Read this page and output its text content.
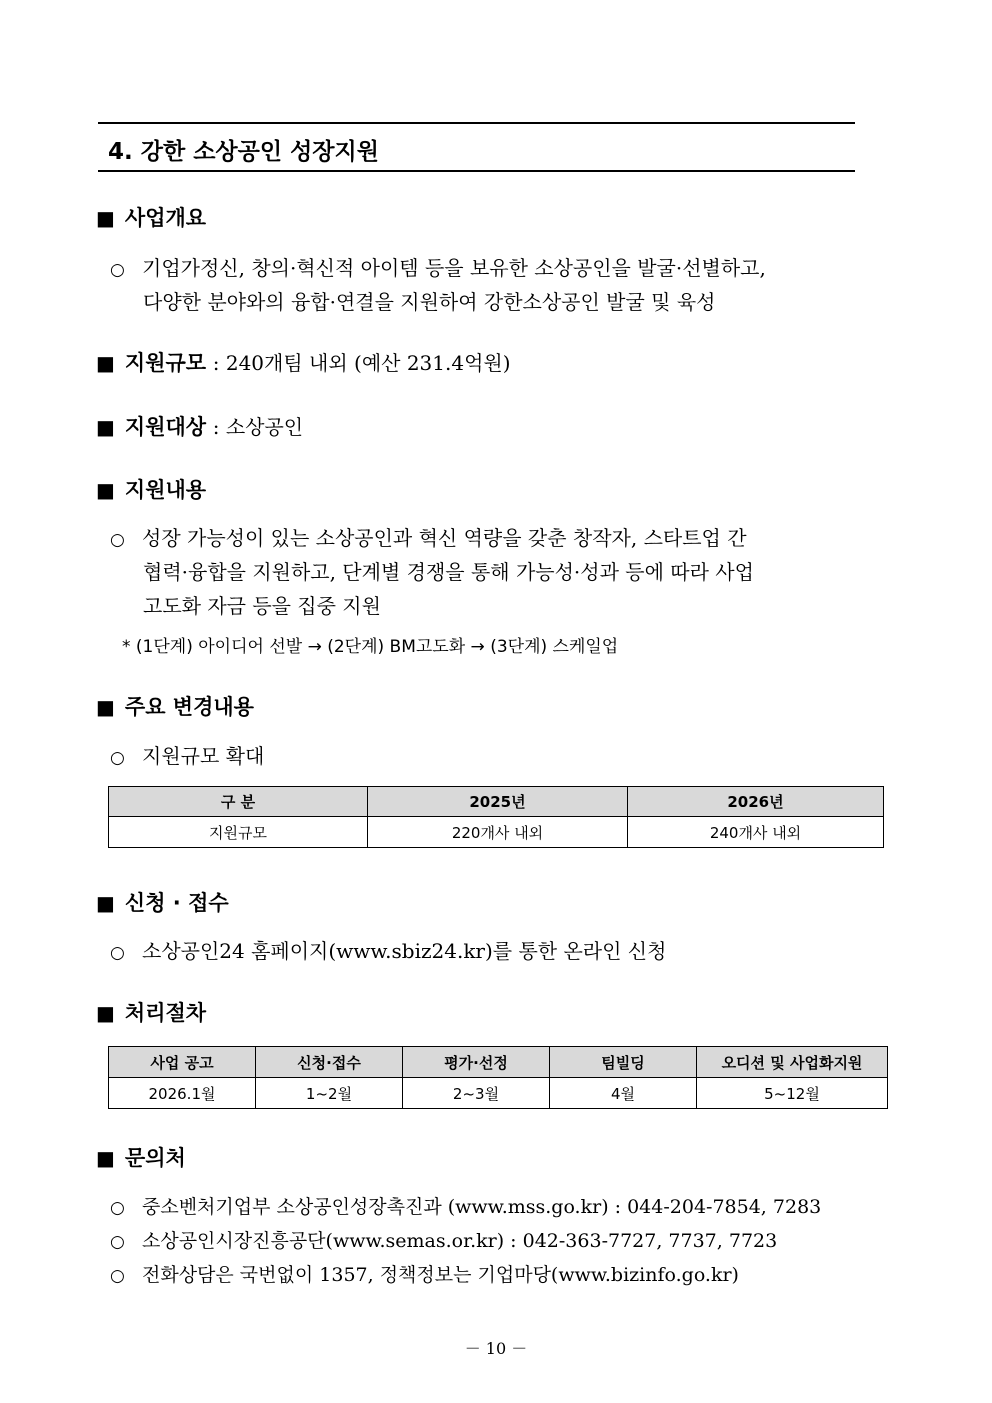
4. 강한 소상공인 성장지원
■ 사업개요
○ 기업가정신, 창의·혁신적 아이템 등을 보유한 소상공인을 발굴·선별하고,
다양한 분야와의 융합·연결을 지원하여 강한소상공인 발굴 및 육성
■ 지원규모 : 240개팀 내외 (예산 231.4억원)
■ 지원대상 : 소상공인
■ 지원내용
○ 성장 가능성이 있는 소상공인과 혁신 역량을 갖춘 창작자, 스타트업 간
협력·융합을 지원하고, 단계별 경쟁을 통해 가능성·성과 등에 따라 사업
고도화 자금 등을 집중 지원
* (1단계) 아이디어 선발 → (2단계) BM고도화 → (3단계) 스케일업
■ 주요 변경내용
○ 지원규모 확대
구 분	2025년	2026년
지원규모	220개사 내외	240개사 내외
■ 신청 · 접수
○ 소상공인24 홈페이지(www.sbiz24.kr)를 통한 온라인 신청
■ 처리절차
사업 공고	신청·접수	평가·선정	팀빌딩	오디션 및 사업화지원
2026.1월	1~2월	2~3월	4월	5~12월
■ 문의처
○ 중소벤처기업부 소상공인성장촉진과 (www.mss.go.kr) : 044-204-7854, 7283
○ 소상공인시장진흥공단(www.semas.or.kr) : 042-363-7727, 7737, 7723
○ 전화상담은 국번없이 1357, 정책정보는 기업마당(www.bizinfo.go.kr)
－ 10 －
